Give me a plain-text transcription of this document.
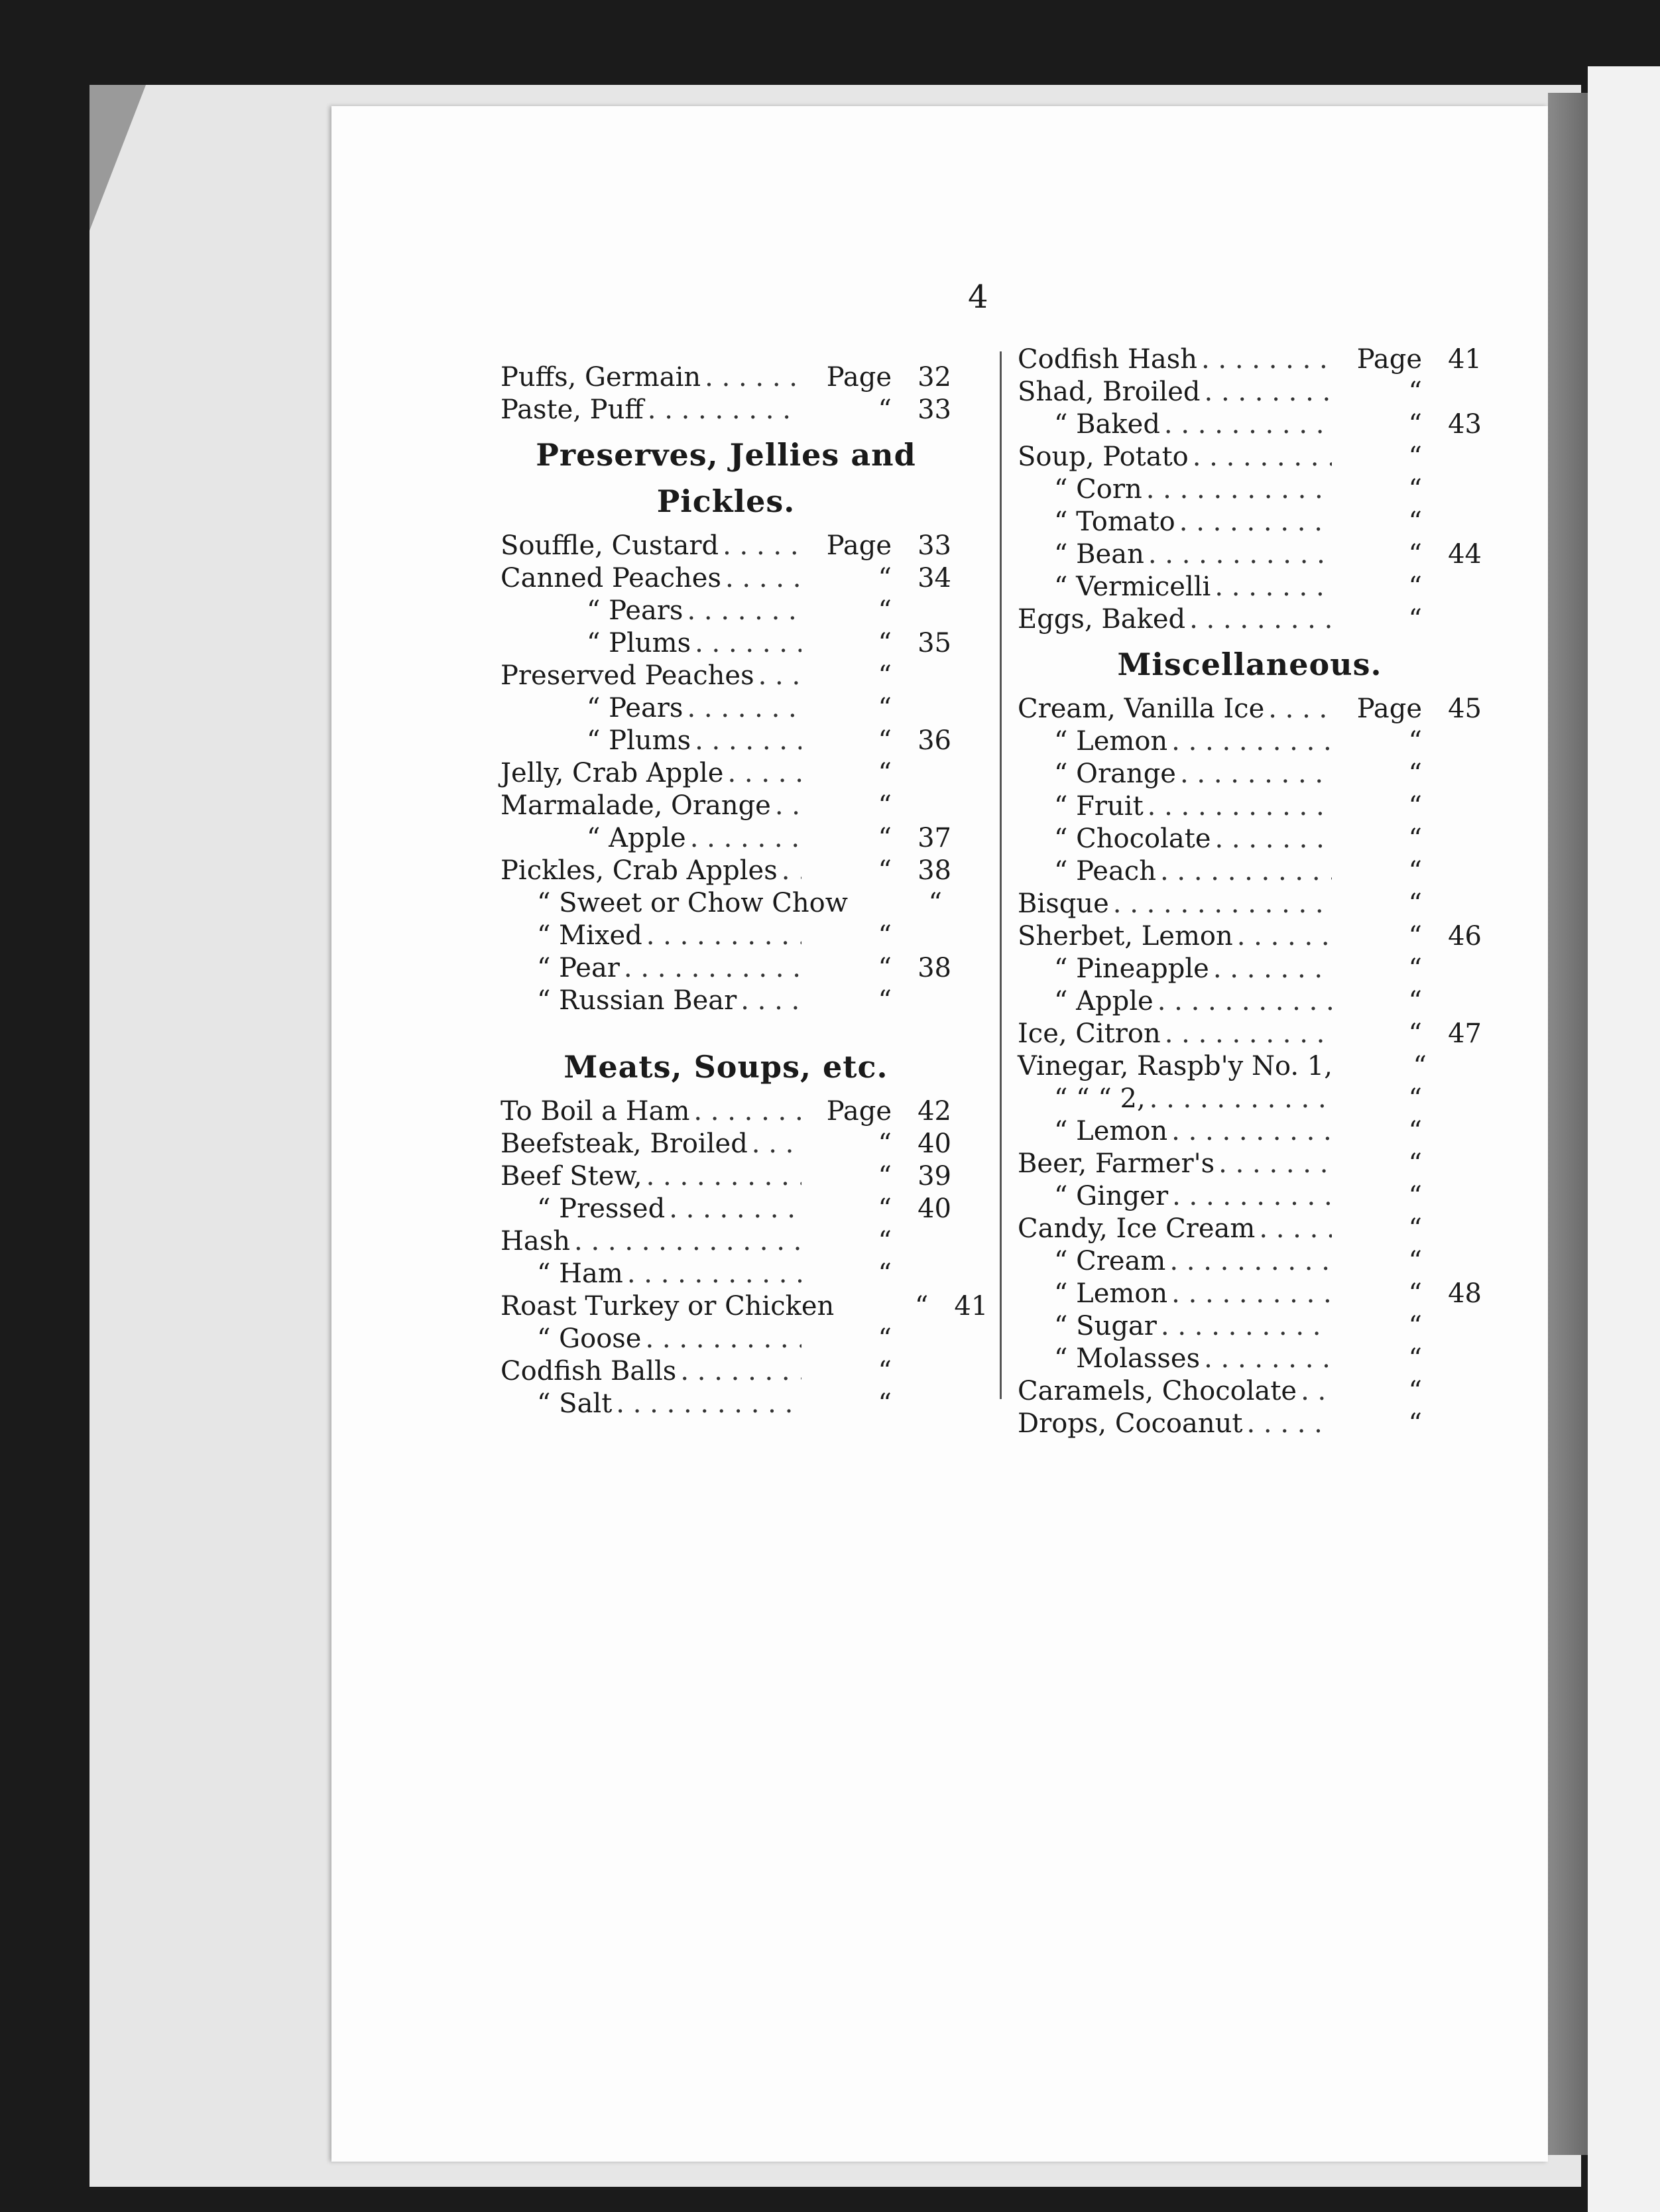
4
Puffs, Germain . . .	Page 32
Paste, Puff . . .	“ 33
Preserves, Jellies and
Pickles.
Souffle, Custard . . .	Page 33
Canned Peaches . . .	“ 34
“ Pears . . .	“
“ Plums . . .	“ 35
Preserved Peaches . . .	“
“ Pears . . .	“
“ Plums . . .	“ 36
Jelly, Crab Apple . . .	“
Marmalade, Orange . . .	“
“ Apple . . .	“ 37
Pickles, Crab Apples . . .	“ 38
“ Sweet or Chow Chow	“
“ Mixed . . .	“
“ Pear . . .	“ 38
“ Russian Bear . . .	“
Meats, Soups, etc.
To Boil a Ham . . .	Page 42
Beefsteak, Broiled . . .	“ 40
Beef Stew, . . .	“ 39
“ Pressed . . .	“ 40
Hash . . .	“
“ Ham . . .	“
Roast Turkey or Chicken	“ 41
“ Goose . . .	“
Codfish Balls . . .	“
“ Salt . . .	“
Codfish Hash . . .	Page 41
Shad, Broiled . . .	“
“ Baked . . .	“ 43
Soup, Potato . . .	“
“ Corn . . .	“
“ Tomato . . .	“
“ Bean . . .	“ 44
“ Vermicelli . . .	“
Eggs, Baked . . .	“
Miscellaneous.
Cream, Vanilla Ice . . .	Page 45
“ Lemon . . .	“
“ Orange . . .	“
“ Fruit . . .	“
“ Chocolate . . .	“
“ Peach . . .	“
Bisque . . .	“
Sherbet, Lemon . . .	“ 46
“ Pineapple . . .	“
“ Apple . . .	“
Ice, Citron . . .	“ 47
Vinegar, Raspb'y No. 1,	“
“ “ “ 2, . . .	“
“ Lemon . . .	“
Beer, Farmer's . . .	“
“ Ginger . . .	“
Candy, Ice Cream . . .	“
“ Cream . . .	“
“ Lemon . . .	“ 48
“ Sugar . . .	“
“ Molasses . . .	“
Caramels, Chocolate . . .	“
Drops, Cocoanut . . .	“
